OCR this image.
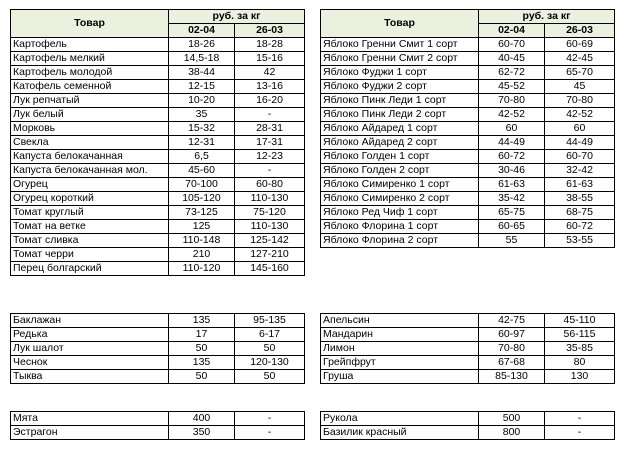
Товар	руб. за кг	
	02-04	26-03
Картофель	18-26	18-28
Картофель мелкий	14,5-18	15-16
Картофель молодой	38-44	42
Катофель семенной	12-15	13-16
Лук репчатый	10-20	16-20
Лук белый	35	-
Морковь	15-32	28-31
Свекла	12-31	17-31
Капуста белокачанная	6,5	12-23
Капуста белокачанная мол.	45-60	-
Огурец	70-100	60-80
Огурец короткий	105-120	110-130
Томат круглый	73-125	75-120
Томат на ветке	125	110-130
Томат сливка	110-148	125-142
Томат черри	210	127-210
Перец болгарский	110-120	145-160
Товар	руб. за кг	
	02-04	26-03
Яблоко Гренни Смит 1 сорт	60-70	60-69
Яблоко Гренни Смит 2 сорт	40-45	42-45
Яблоко Фуджи 1 сорт	62-72	65-70
Яблоко Фуджи 2 сорт	45-52	45
Яблоко Пинк Леди 1 сорт	70-80	70-80
Яблоко Пинк Леди 2 сорт	42-52	42-52
Яблоко Айдаред 1 сорт	60	60
Яблоко Айдаред 2 сорт	44-49	44-49
Яблоко Голден 1 сорт	60-72	60-70
Яблоко Голден 2 сорт	30-46	32-42
Яблоко Симиренко 1 сорт	61-63	61-63
Яблоко Симиренко 2 сорт	35-42	38-55
Яблоко Ред Чиф 1 сорт	65-75	68-75
Яблоко Флорина 1 сорт	60-65	60-72
Яблоко Флорина 2 сорт	55	53-55
Баклажан	135	95-135
Редька	17	6-17
Лук шалот	50	50
Чеснок	135	120-130
Тыква	50	50
Апельсин	42-75	45-110
Мандарин	60-97	56-115
Лимон	70-80	35-85
Грейпфрут	67-68	80
Груша	85-130	130
Мята	400	-
Эстрагон	350	-
Рукола	500	-
Базилик красный	800	-
